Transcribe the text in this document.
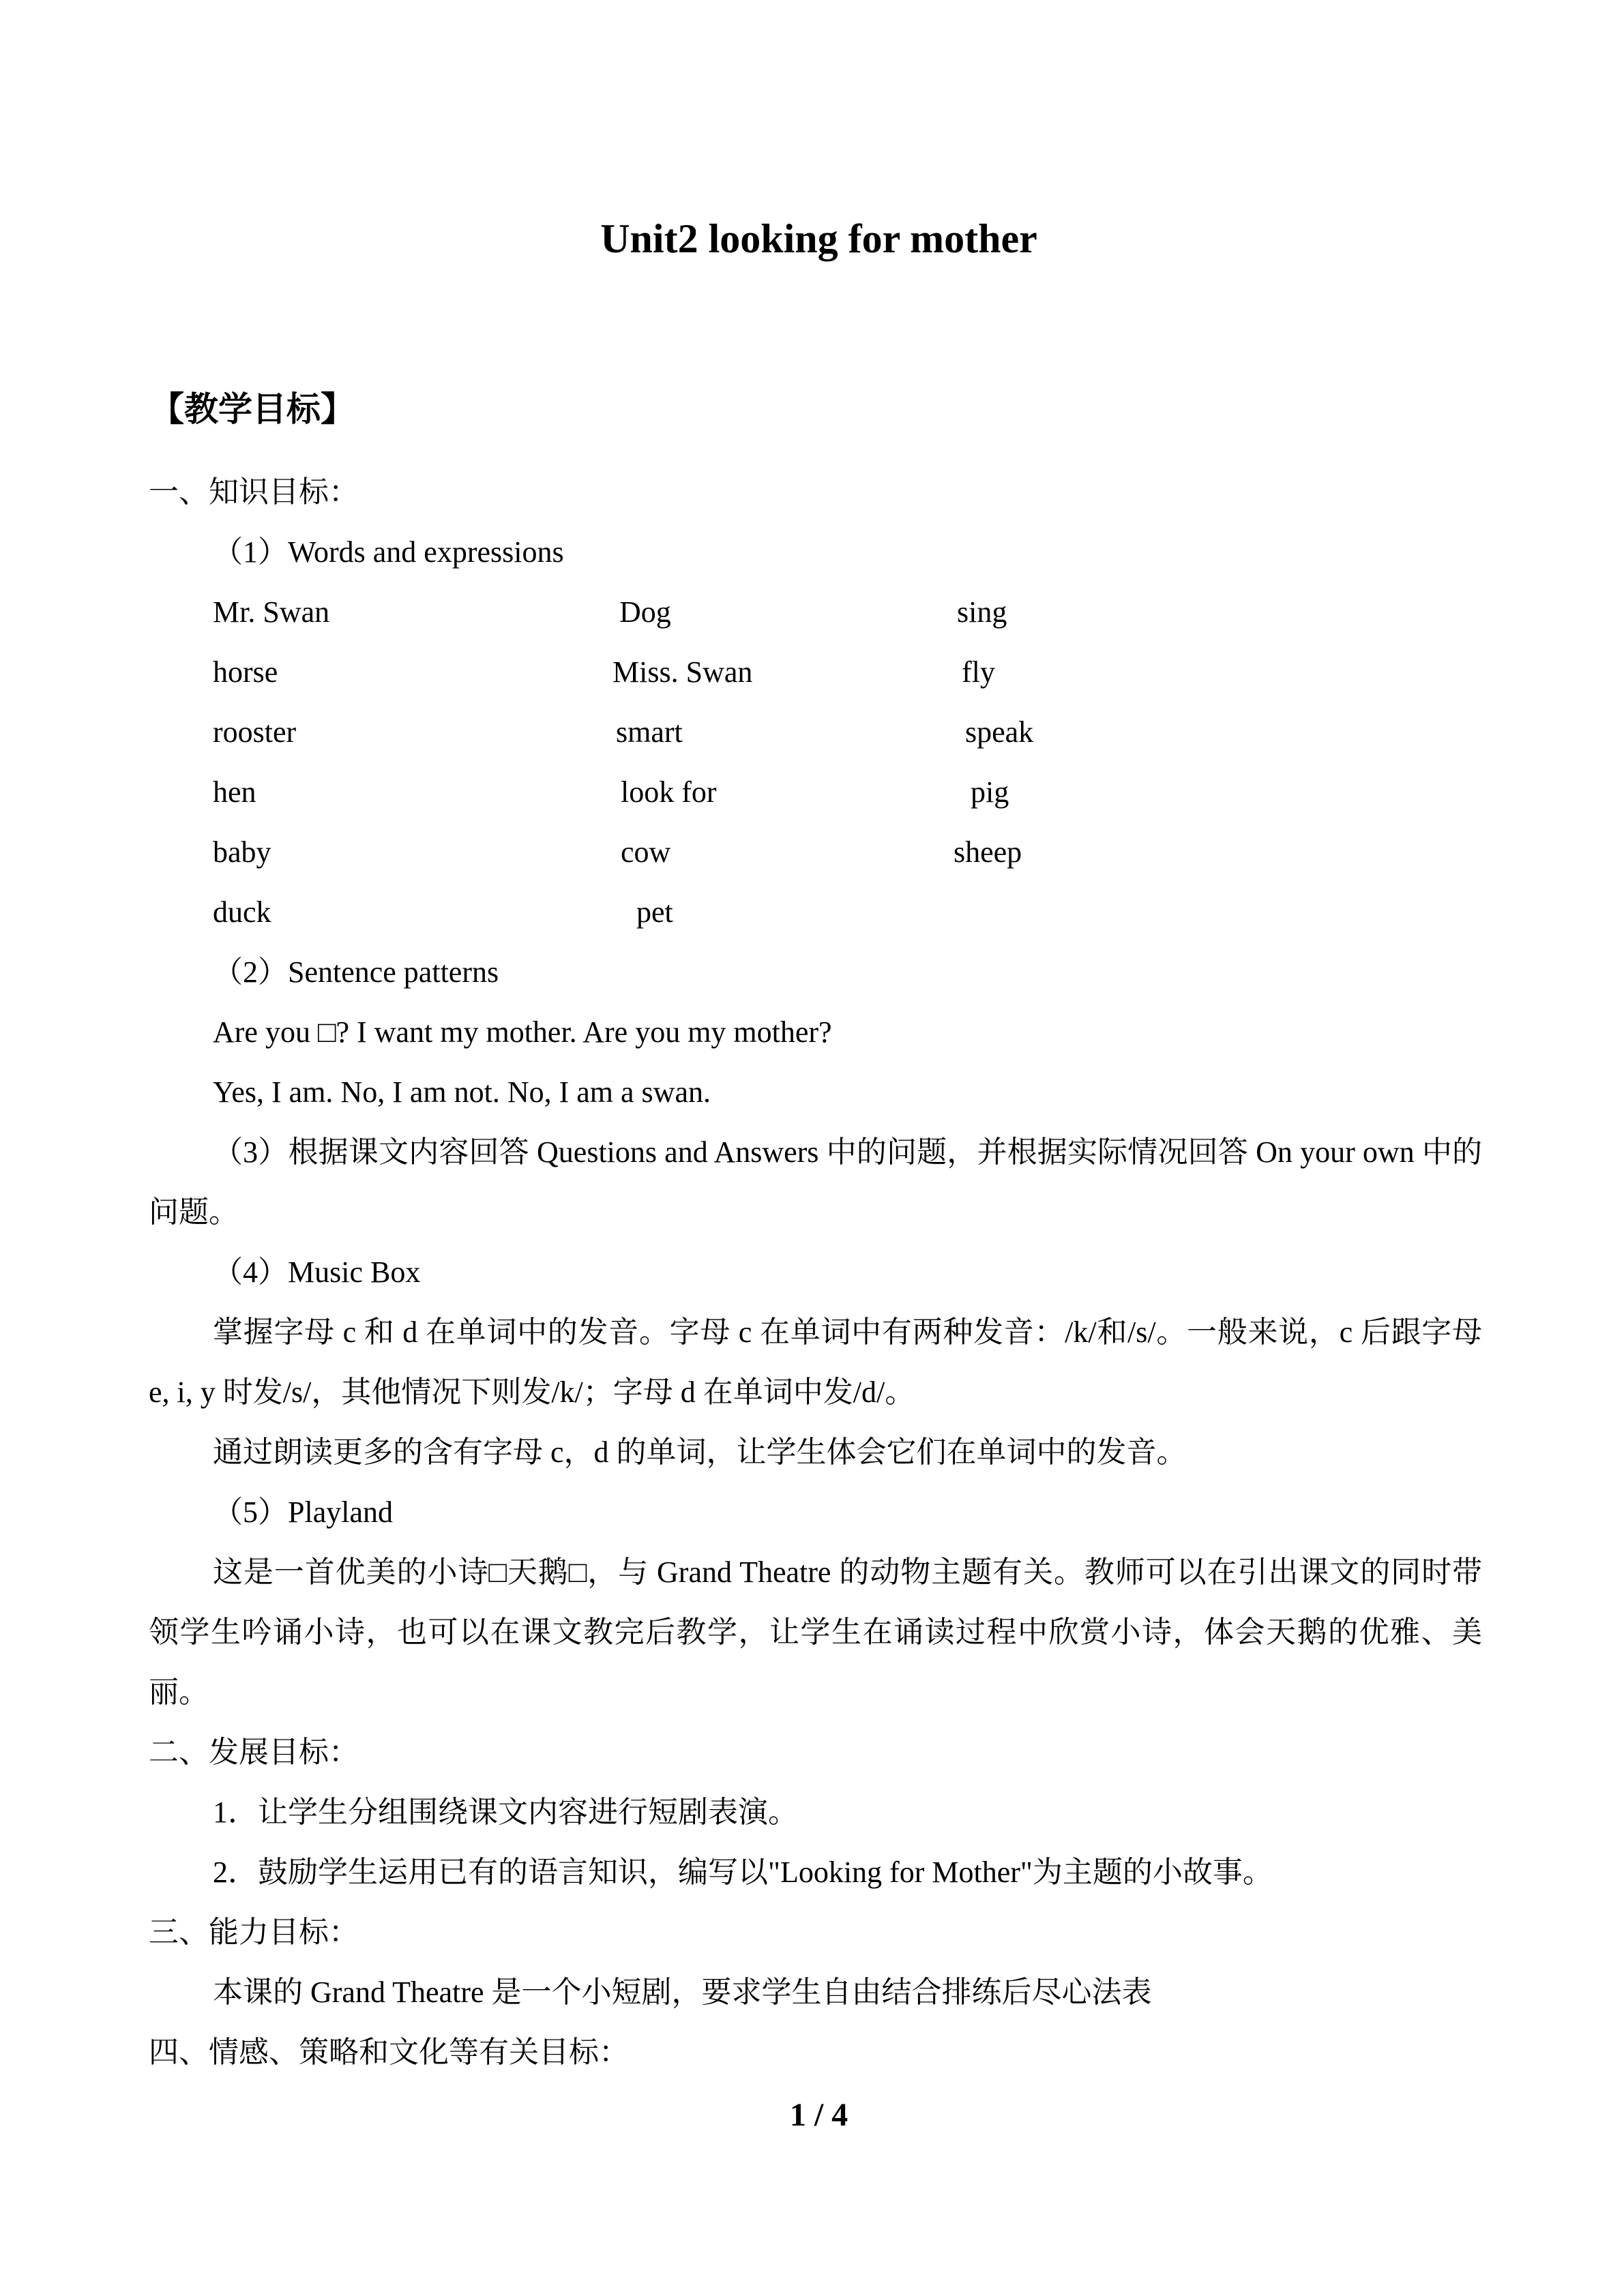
Unit2 looking for mother
【教学目标】
一、知识目标：
（1）Words and expressions
Mr. Swan	Dog	sing
horse	Miss. Swan	fly
rooster	smart	speak
hen	look for	pig
baby	cow	sheep
duck	pet
（2）Sentence patterns
Are you □? I want my mother. Are you my mother?
Yes, I am. No, I am not. No, I am a swan.
（3）根据课文内容回答 Questions and Answers 中的问题，并根据实际情况回答 On your own 中的问题。
（4）Music Box
掌握字母 c 和 d 在单词中的发音。字母 c 在单词中有两种发音：/k/和/s/。一般来说，c 后跟字母 e, i, y 时发/s/，其他情况下则发/k/；字母 d 在单词中发/d/。
通过朗读更多的含有字母 c，d 的单词，让学生体会它们在单词中的发音。
（5）Playland
这是一首优美的小诗□天鹅□，与 Grand Theatre 的动物主题有关。教师可以在引出课文的同时带领学生吟诵小诗，也可以在课文教完后教学，让学生在诵读过程中欣赏小诗，体会天鹅的优雅、美丽。
二、发展目标：
1．让学生分组围绕课文内容进行短剧表演。
2．鼓励学生运用已有的语言知识，编写以"Looking for Mother"为主题的小故事。
三、能力目标：
本课的 Grand Theatre 是一个小短剧，要求学生自由结合排练后尽心法表
四、情感、策略和文化等有关目标：
1 / 4
